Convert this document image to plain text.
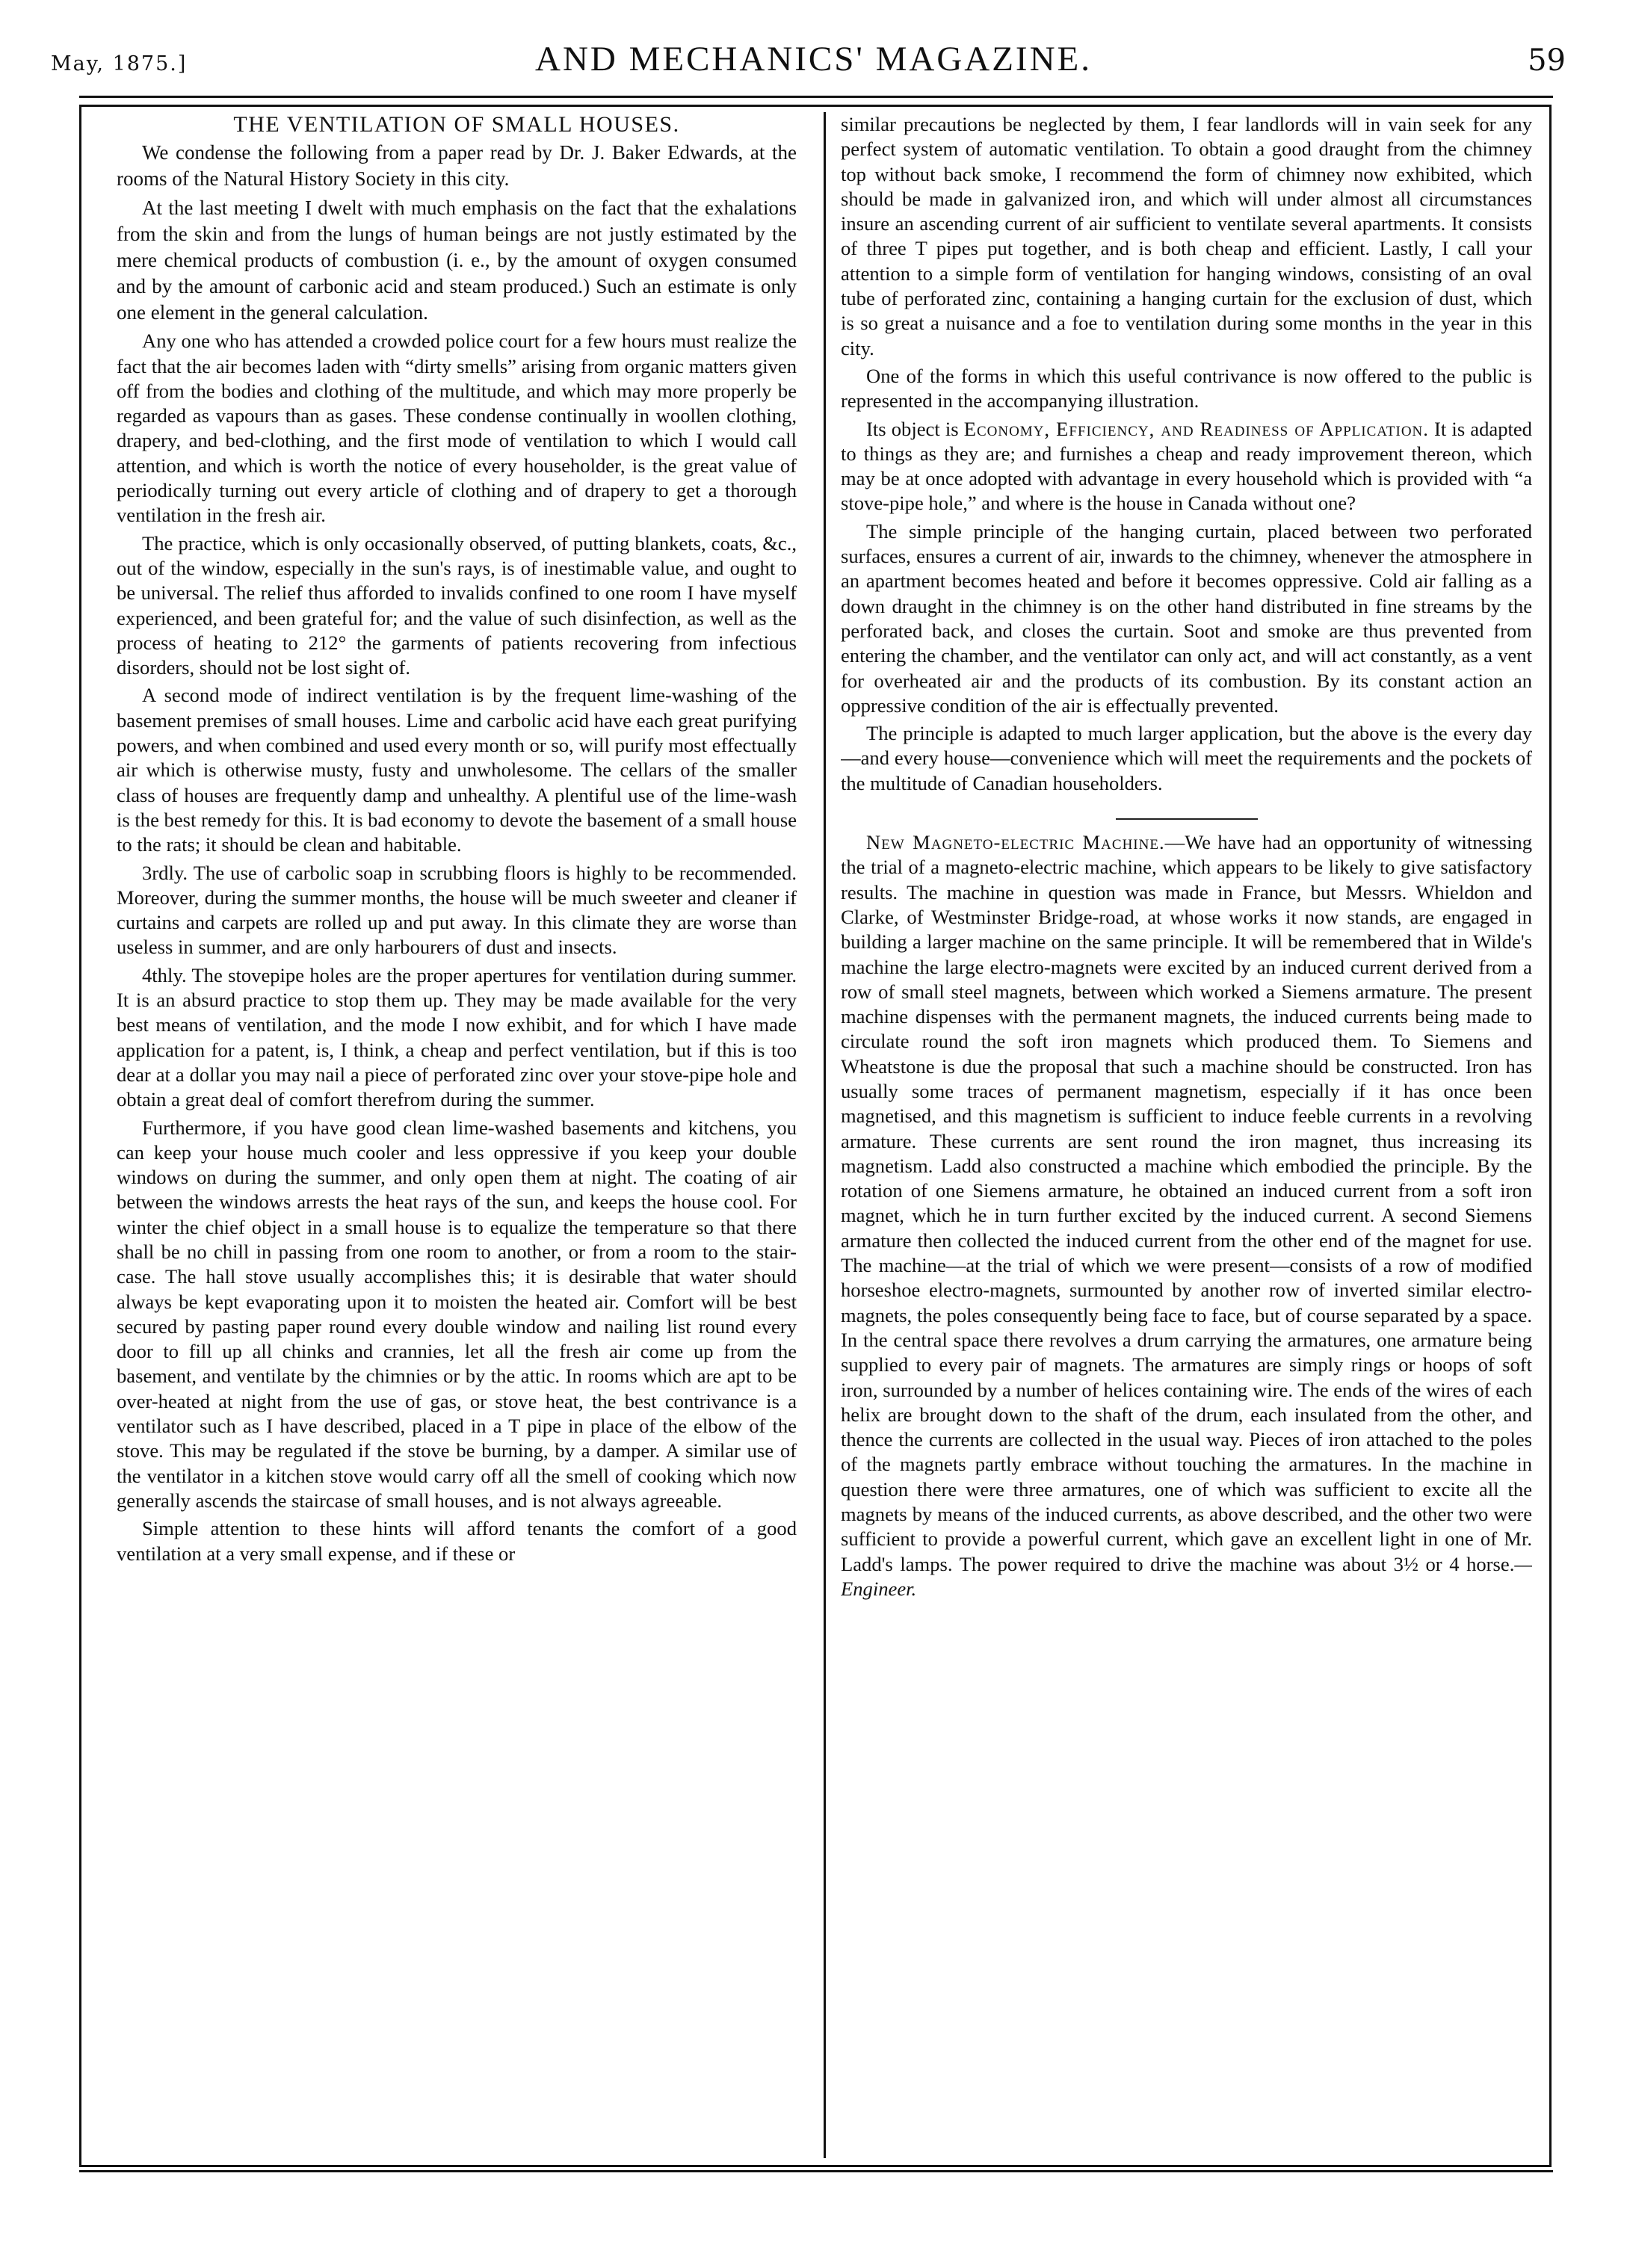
May, 1875.]	AND MECHANICS' MAGAZINE.	59

THE VENTILATION OF SMALL HOUSES.

We condense the following from a paper read by Dr. J. Baker Edwards, at the rooms of the Natural History Society in this city.

At the last meeting I dwelt with much emphasis on the fact that the exhalations from the skin and from the lungs of human beings are not justly estimated by the mere chemical products of combustion (i. e., by the amount of oxygen consumed and by the amount of carbonic acid and steam produced.) Such an estimate is only one element in the general calculation.

Any one who has attended a crowded police court for a few hours must realize the fact that the air becomes laden with “dirty smells” arising from organic matters given off from the bodies and clothing of the multitude, and which may more properly be regarded as vapours than as gases. These condense continually in woollen clothing, drapery, and bed-clothing, and the first mode of ventilation to which I would call attention, and which is worth the notice of every householder, is the great value of periodically turning out every article of clothing and of drapery to get a thorough ventilation in the fresh air.

The practice, which is only occasionally observed, of putting blankets, coats, &c., out of the window, especially in the sun's rays, is of inestimable value, and ought to be universal. The relief thus afforded to invalids confined to one room I have myself experienced, and been grateful for; and the value of such disinfection, as well as the process of heating to 212° the garments of patients recovering from infectious disorders, should not be lost sight of.

A second mode of indirect ventilation is by the frequent lime-washing of the basement premises of small houses. Lime and carbolic acid have each great purifying powers, and when combined and used every month or so, will purify most effectually air which is otherwise musty, fusty and unwholesome. The cellars of the smaller class of houses are frequently damp and unhealthy. A plentiful use of the lime-wash is the best remedy for this. It is bad economy to devote the basement of a small house to the rats; it should be clean and habitable.

3rdly. The use of carbolic soap in scrubbing floors is highly to be recommended. Moreover, during the summer months, the house will be much sweeter and cleaner if curtains and carpets are rolled up and put away. In this climate they are worse than useless in summer, and are only harbourers of dust and insects.

4thly. The stovepipe holes are the proper apertures for ventilation during summer. It is an absurd practice to stop them up. They may be made available for the very best means of ventilation, and the mode I now exhibit, and for which I have made application for a patent, is, I think, a cheap and perfect ventilation, but if this is too dear at a dollar you may nail a piece of perforated zinc over your stove-pipe hole and obtain a great deal of comfort therefrom during the summer.

Furthermore, if you have good clean lime-washed basements and kitchens, you can keep your house much cooler and less oppressive if you keep your double windows on during the summer, and only open them at night. The coating of air between the windows arrests the heat rays of the sun, and keeps the house cool. For winter the chief object in a small house is to equalize the temperature so that there shall be no chill in passing from one room to another, or from a room to the stair-case. The hall stove usually accomplishes this; it is desirable that water should always be kept evaporating upon it to moisten the heated air. Comfort will be best secured by pasting paper round every double window and nailing list round every door to fill up all chinks and crannies, let all the fresh air come up from the basement, and ventilate by the chimnies or by the attic. In rooms which are apt to be over-heated at night from the use of gas, or stove heat, the best contrivance is a ventilator such as I have described, placed in a T pipe in place of the elbow of the stove. This may be regulated if the stove be burning, by a damper. A similar use of the ventilator in a kitchen stove would carry off all the smell of cooking which now generally ascends the staircase of small houses, and is not always agreeable.

Simple attention to these hints will afford tenants the comfort of a good ventilation at a very small expense, and if these or

similar precautions be neglected by them, I fear landlords will in vain seek for any perfect system of automatic ventilation. To obtain a good draught from the chimney top without back smoke, I recommend the form of chimney now exhibited, which should be made in galvanized iron, and which will under almost all circumstances insure an ascending current of air sufficient to ventilate several apartments. It consists of three T pipes put together, and is both cheap and efficient. Lastly, I call your attention to a simple form of ventilation for hanging windows, consisting of an oval tube of perforated zinc, containing a hanging curtain for the exclusion of dust, which is so great a nuisance and a foe to ventilation during some months in the year in this city.

One of the forms in which this useful contrivance is now offered to the public is represented in the accompanying illustration.

Its object is Economy, Efficiency, and Readiness of Application. It is adapted to things as they are; and furnishes a cheap and ready improvement thereon, which may be at once adopted with advantage in every household which is provided with “a stove-pipe hole,” and where is the house in Canada without one?

The simple principle of the hanging curtain, placed between two perforated surfaces, ensures a current of air, inwards to the chimney, whenever the atmosphere in an apartment becomes heated and before it becomes oppressive. Cold air falling as a down draught in the chimney is on the other hand distributed in fine streams by the perforated back, and closes the curtain. Soot and smoke are thus prevented from entering the chamber, and the ventilator can only act, and will act constantly, as a vent for overheated air and the products of its combustion. By its constant action an oppressive condition of the air is effectually prevented.

The principle is adapted to much larger application, but the above is the every day—and every house—convenience which will meet the requirements and the pockets of the multitude of Canadian householders.

New Magneto-electric Machine.—We have had an opportunity of witnessing the trial of a magneto-electric machine, which appears to be likely to give satisfactory results. The machine in question was made in France, but Messrs. Whieldon and Clarke, of Westminster Bridge-road, at whose works it now stands, are engaged in building a larger machine on the same principle. It will be remembered that in Wilde's machine the large electro-magnets were excited by an induced current derived from a row of small steel magnets, between which worked a Siemens armature. The present machine dispenses with the permanent magnets, the induced currents being made to circulate round the soft iron magnets which produced them. To Siemens and Wheatstone is due the proposal that such a machine should be constructed. Iron has usually some traces of permanent magnetism, especially if it has once been magnetised, and this magnetism is sufficient to induce feeble currents in a revolving armature. These currents are sent round the iron magnet, thus increasing its magnetism. Ladd also constructed a machine which embodied the principle. By the rotation of one Siemens armature, he obtained an induced current from a soft iron magnet, which he in turn further excited by the induced current. A second Siemens armature then collected the induced current from the other end of the magnet for use. The machine—at the trial of which we were present—consists of a row of modified horseshoe electro-magnets, surmounted by another row of inverted similar electro-magnets, the poles consequently being face to face, but of course separated by a space. In the central space there revolves a drum carrying the armatures, one armature being supplied to every pair of magnets. The armatures are simply rings or hoops of soft iron, surrounded by a number of helices containing wire. The ends of the wires of each helix are brought down to the shaft of the drum, each insulated from the other, and thence the currents are collected in the usual way. Pieces of iron attached to the poles of the magnets partly embrace without touching the armatures. In the machine in question there were three armatures, one of which was sufficient to excite all the magnets by means of the induced currents, as above described, and the other two were sufficient to provide a powerful current, which gave an excellent light in one of Mr. Ladd's lamps. The power required to drive the machine was about 3½ or 4 horse.—Engineer.
